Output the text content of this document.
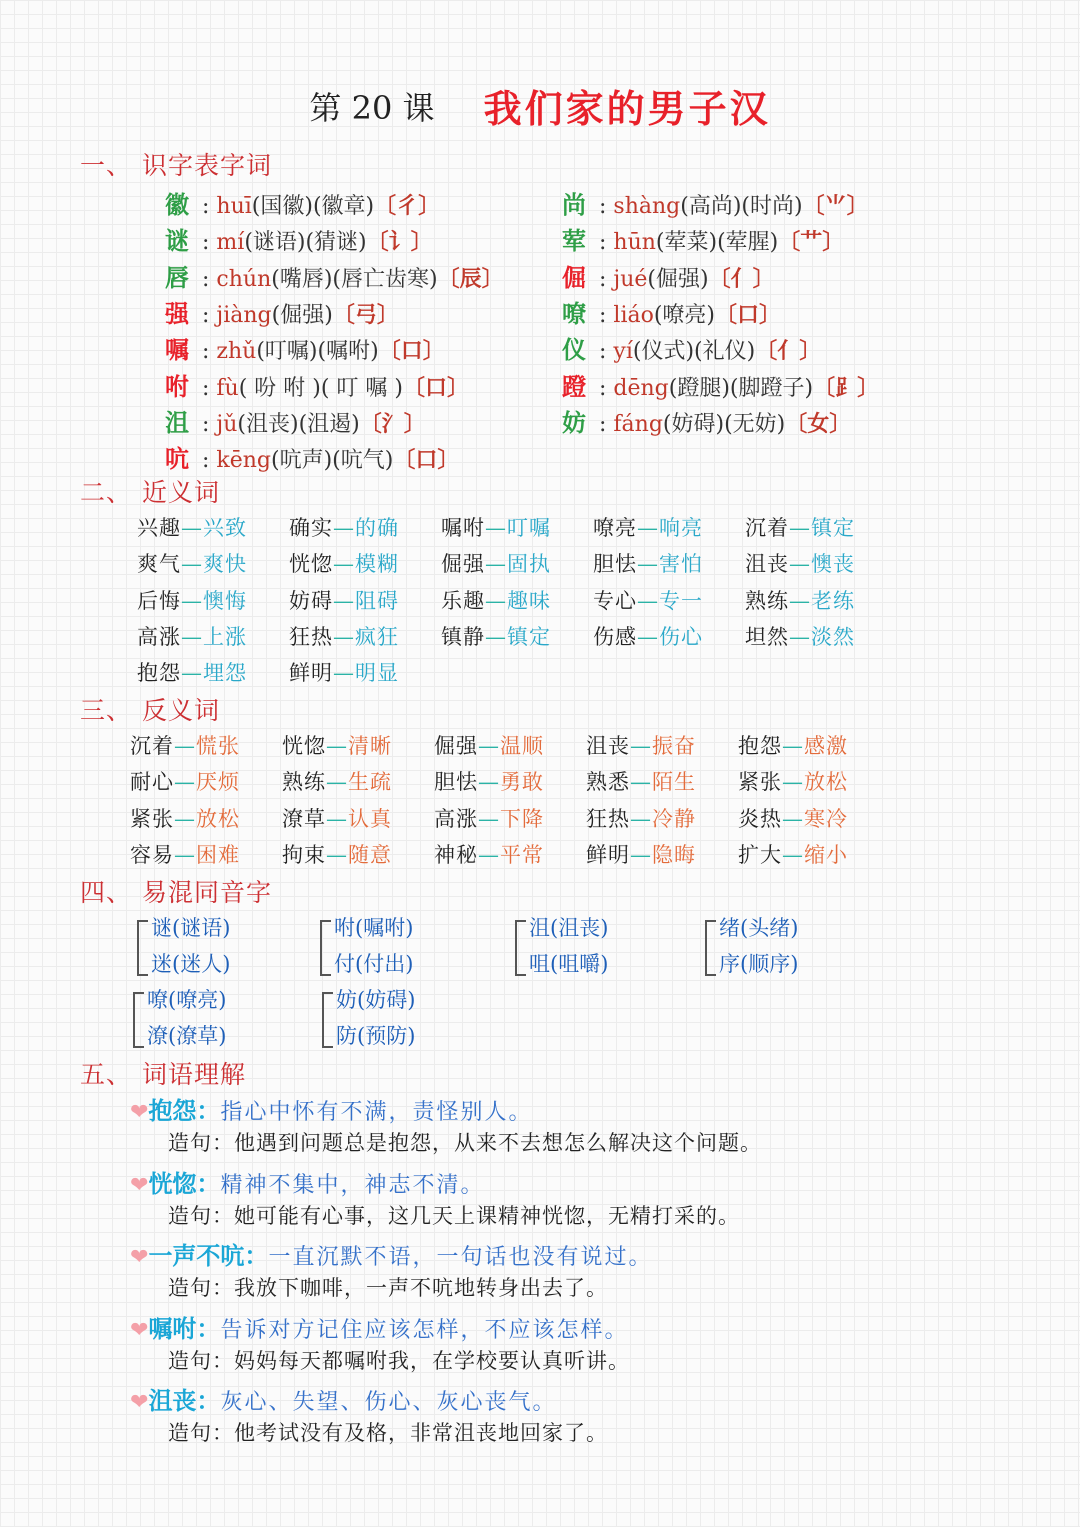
第 20 课 我们家的男子汉
一、 识字表字词
二、 近义词
三、 反义词
四、 易混同音字
五、 词语理解
徽 : huī(国徽)(徽章)〔彳〕
谜 : mí(谜语)(猜谜)〔讠〕
唇 : chún(嘴唇)(唇亡齿寒)〔辰〕
强 : jiàng(倔强)〔弓〕
嘱 : zhǔ(叮嘱)(嘱咐)〔口〕
咐 : fù( 吩 咐 )( 叮 嘱 )〔口〕
沮 : jǔ(沮丧)(沮遏)〔氵〕
吭 : kēng(吭声)(吭气)〔口〕
尚 : shàng(高尚)(时尚)〔⺌〕
荤 : hūn(荤菜)(荤腥)〔艹〕
倔 : jué(倔强)〔亻〕
嘹 : liáo(嘹亮)〔口〕
仪 : yí(仪式)(礼仪)〔亻〕
蹬 : dēng(蹬腿)(脚蹬子)〔⻊〕
妨 : fáng(妨碍)(无妨)〔女〕
兴趣—兴致 确实—的确 嘱咐—叮嘱 嘹亮—响亮 沉着—镇定
爽气—爽快 恍惚—模糊 倔强—固执 胆怯—害怕 沮丧—懊丧
后悔—懊悔 妨碍—阻碍 乐趣—趣味 专心—专一 熟练—老练
高涨—上涨 狂热—疯狂 镇静—镇定 伤感—伤心 坦然—淡然
抱怨—埋怨 鲜明—明显
沉着—慌张 恍惚—清晰 倔强—温顺 沮丧—振奋 抱怨—感激
耐心—厌烦 熟练—生疏 胆怯—勇敢 熟悉—陌生 紧张—放松
紧张—放松 潦草—认真 高涨—下降 狂热—冷静 炎热—寒冷
容易—困难 拘束—随意 神秘—平常 鲜明—隐晦 扩大—缩小
谜(谜语)
迷(迷人)
咐(嘱咐)
付(付出)
沮(沮丧)
咀(咀嚼)
绪(头绪)
序(顺序)
嘹(嘹亮)
潦(潦草)
妨(妨碍)
防(预防)
❤抱怨：指心中怀有不满，责怪别人。
造句：他遇到问题总是抱怨，从来不去想怎么解决这个问题。
❤恍惚：精神不集中，神志不清。
造句：她可能有心事，这几天上课精神恍惚，无精打采的。
❤一声不吭：一直沉默不语，一句话也没有说过。
造句：我放下咖啡，一声不吭地转身出去了。
❤嘱咐：告诉对方记住应该怎样，不应该怎样。
造句：妈妈每天都嘱咐我，在学校要认真听讲。
❤沮丧：灰心、失望、伤心、灰心丧气。
造句：他考试没有及格，非常沮丧地回家了。
